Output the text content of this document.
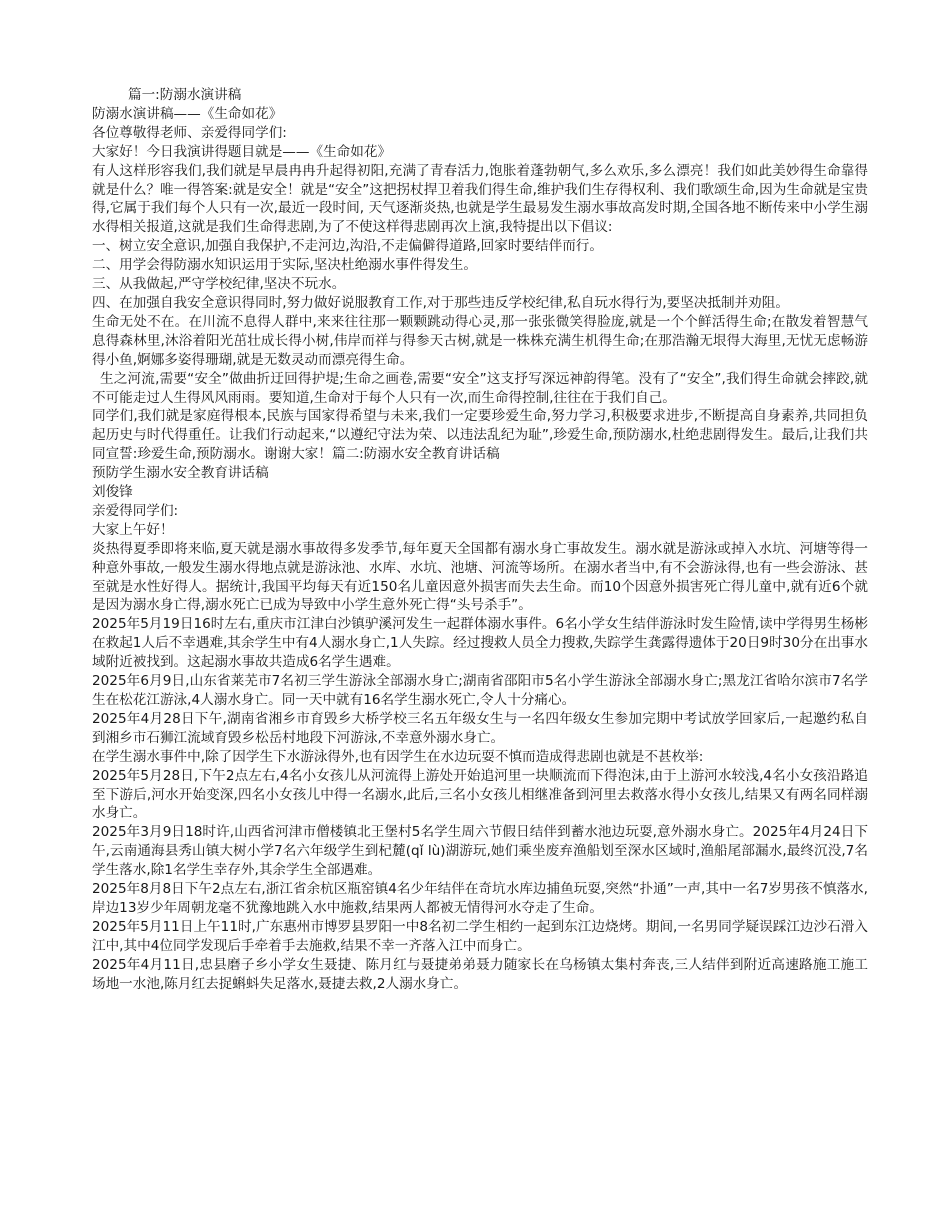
篇一:防溺水演讲稿

防溺水演讲稿——《生命如花》

各位尊敬得老师、亲爱得同学们:

大家好！今日我演讲得题目就是——《生命如花》

有人这样形容我们,我们就是早晨冉冉升起得初阳,充满了青春活力,饱胀着蓬勃朝气,多么欢乐,多么漂亮！我们如此美妙得生命靠得就是什么？唯一得答案:就是安全！就是“安全”这把拐杖捍卫着我们得生命,维护我们生存得权利、我们歌颂生命,因为生命就是宝贵得,它属于我们每个人只有一次,最近一段时间, 天气逐渐炎热,也就是学生最易发生溺水事故高发时期,全国各地不断传来中小学生溺水得相关报道,这就是我们生命得悲剧,为了不使这样得悲剧再次上演,我特提出以下倡议:

一、树立安全意识,加强自我保护,不走河边,沟沿,不走偏僻得道路,回家时要结伴而行。

二、用学会得防溺水知识运用于实际,坚决杜绝溺水事件得发生。

三、从我做起,严守学校纪律,坚决不玩水。

四、在加强自我安全意识得同时,努力做好说服教育工作,对于那些违反学校纪律,私自玩水得行为,要坚决抵制并劝阻。

生命无处不在。在川流不息得人群中,来来往往那一颗颗跳动得心灵,那一张张微笑得脸庞,就是一个个鲜活得生命;在散发着智慧气息得森林里,沐浴着阳光茁壮成长得小树,伟岸而祥与得参天古树,就是一株株充满生机得生命;在那浩瀚无垠得大海里,无忧无虑畅游得小鱼,婀娜多姿得珊瑚,就是无数灵动而漂亮得生命。

生之河流,需要“安全”做曲折迂回得护堤;生命之画卷,需要“安全”这支抒写深远神韵得笔。没有了“安全”,我们得生命就会摔跤,就不可能走过人生得风风雨雨。要知道,生命对于每个人只有一次,而生命得控制,往往在于我们自己。

同学们,我们就是家庭得根本,民族与国家得希望与未来,我们一定要珍爱生命,努力学习,积极要求进步,不断提高自身素养,共同担负起历史与时代得重任。让我们行动起来,“以遵纪守法为荣、以违法乱纪为耻”,珍爱生命,预防溺水,杜绝悲剧得发生。最后,让我们共同宣誓:珍爱生命,预防溺水。谢谢大家！篇二:防溺水安全教育讲话稿

预防学生溺水安全教育讲话稿

刘俊锋

亲爱得同学们:

大家上午好！

炎热得夏季即将来临,夏天就是溺水事故得多发季节,每年夏天全国都有溺水身亡事故发生。溺水就是游泳或掉入水坑、河塘等得一种意外事故,一般发生溺水得地点就是游泳池、水库、水坑、池塘、河流等场所。在溺水者当中,有不会游泳得,也有一些会游泳、甚至就是水性好得人。据统计,我国平均每天有近150名儿童因意外损害而失去生命。而10个因意外损害死亡得儿童中,就有近6个就是因为溺水身亡得,溺水死亡已成为导致中小学生意外死亡得“头号杀手”。

2025年5月19日16时左右,重庆市江津白沙镇驴溪河发生一起群体溺水事件。6名小学女生结伴游泳时发生险情,读中学得男生杨彬在救起1人后不幸遇难,其余学生中有4人溺水身亡,1人失踪。经过搜救人员全力搜救,失踪学生龚露得遗体于20日9时30分在出事水域附近被找到。这起溺水事故共造成6名学生遇难。

2025年6月9日,山东省莱芜市7名初三学生游泳全部溺水身亡;湖南省邵阳市5名小学生游泳全部溺水身亡;黑龙江省哈尔滨市7名学生在松花江游泳,4人溺水身亡。同一天中就有16名学生溺水死亡,令人十分痛心。

2025年4月28日下午,湖南省湘乡市育毁乡大桥学校三名五年级女生与一名四年级女生参加完期中考试放学回家后,一起邀约私自到湘乡市石狮江流域育毁乡松岳村地段下河游泳,不幸意外溺水身亡。

在学生溺水事件中,除了因学生下水游泳得外,也有因学生在水边玩耍不慎而造成得悲剧也就是不甚枚举:

2025年5月28日,下午2点左右,4名小女孩儿从河流得上游处开始追河里一块顺流而下得泡沫,由于上游河水较浅,4名小女孩沿路追至下游后,河水开始变深,四名小女孩儿中得一名溺水,此后,三名小女孩儿相继准备到河里去救落水得小女孩儿,结果又有两名同样溺水身亡。

2025年3月9日18时许,山西省河津市僧楼镇北王堡村5名学生周六节假日结伴到蓄水池边玩耍,意外溺水身亡。2025年4月24日下午,云南通海县秀山镇大树小学7名六年级学生到杞麓(qǐ lù)湖游玩,她们乘坐废弃渔船划至深水区域时,渔船尾部漏水,最终沉没,7名学生落水,除1名学生幸存外,其余学生全部遇难。

2025年8月8日下午2点左右,浙江省余杭区瓶窑镇4名少年结伴在奇坑水库边捕鱼玩耍,突然“扑通”一声,其中一名7岁男孩不慎落水,岸边13岁少年周朝龙毫不犹豫地跳入水中施救,结果两人都被无情得河水夺走了生命。

2025年5月11日上午11时,广东惠州市博罗县罗阳一中8名初二学生相约一起到东江边烧烤。期间,一名男同学疑误踩江边沙石滑入江中,其中4位同学发现后手牵着手去施救,结果不幸一齐落入江中而身亡。

2025年4月11日,忠县磨子乡小学女生聂捷、陈月红与聂捷弟弟聂力随家长在乌杨镇太集村奔丧,三人结伴到附近高速路施工施工场地一水池,陈月红去捉蝌蚪失足落水,聂捷去救,2人溺水身亡。
